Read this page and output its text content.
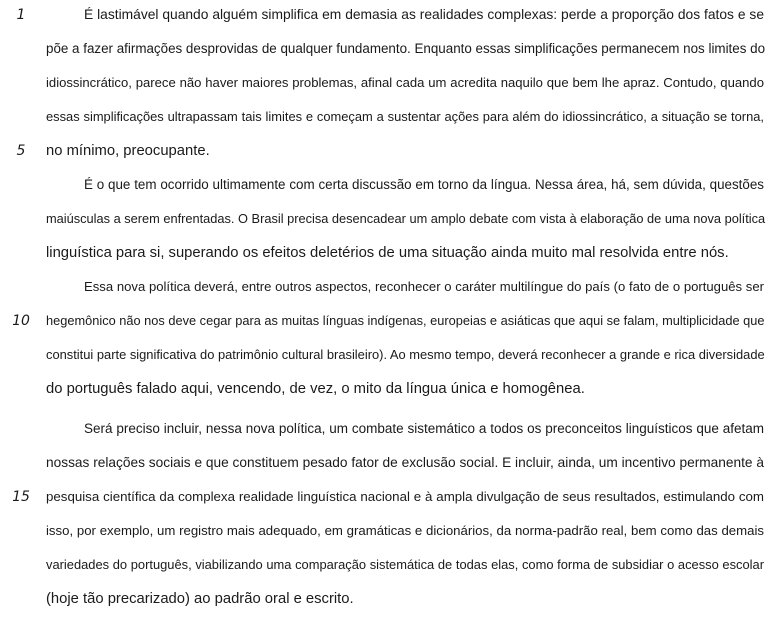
1	É lastimável quando alguém simplifica em demasia as realidades complexas: perde a proporção dos fatos e se
põe a fazer afirmações desprovidas de qualquer fundamento. Enquanto essas simplificações permanecem nos limites do
idiossincrático, parece não haver maiores problemas, afinal cada um acredita naquilo que bem lhe apraz. Contudo, quando
essas simplificações ultrapassam tais limites e começam a sustentar ações para além do idiossincrático, a situação se torna,
5	no mínimo, preocupante.
É o que tem ocorrido ultimamente com certa discussão em torno da língua. Nessa área, há, sem dúvida, questões
maiúsculas a serem enfrentadas. O Brasil precisa desencadear um amplo debate com vista à elaboração de uma nova política
linguística para si, superando os efeitos deletérios de uma situação ainda muito mal resolvida entre nós.
Essa nova política deverá, entre outros aspectos, reconhecer o caráter multilíngue do país (o fato de o português ser
10	hegemônico não nos deve cegar para as muitas línguas indígenas, europeias e asiáticas que aqui se falam, multiplicidade que
constitui parte significativa do patrimônio cultural brasileiro). Ao mesmo tempo, deverá reconhecer a grande e rica diversidade
do português falado aqui, vencendo, de vez, o mito da língua única e homogênea.
Será preciso incluir, nessa nova política, um combate sistemático a todos os preconceitos linguísticos que afetam
nossas relações sociais e que constituem pesado fator de exclusão social. E incluir, ainda, um incentivo permanente à
15	pesquisa científica da complexa realidade linguística nacional e à ampla divulgação de seus resultados, estimulando com
isso, por exemplo, um registro mais adequado, em gramáticas e dicionários, da norma-padrão real, bem como das demais
variedades do português, viabilizando uma comparação sistemática de todas elas, como forma de subsidiar o acesso escolar
(hoje tão precarizado) ao padrão oral e escrito.
